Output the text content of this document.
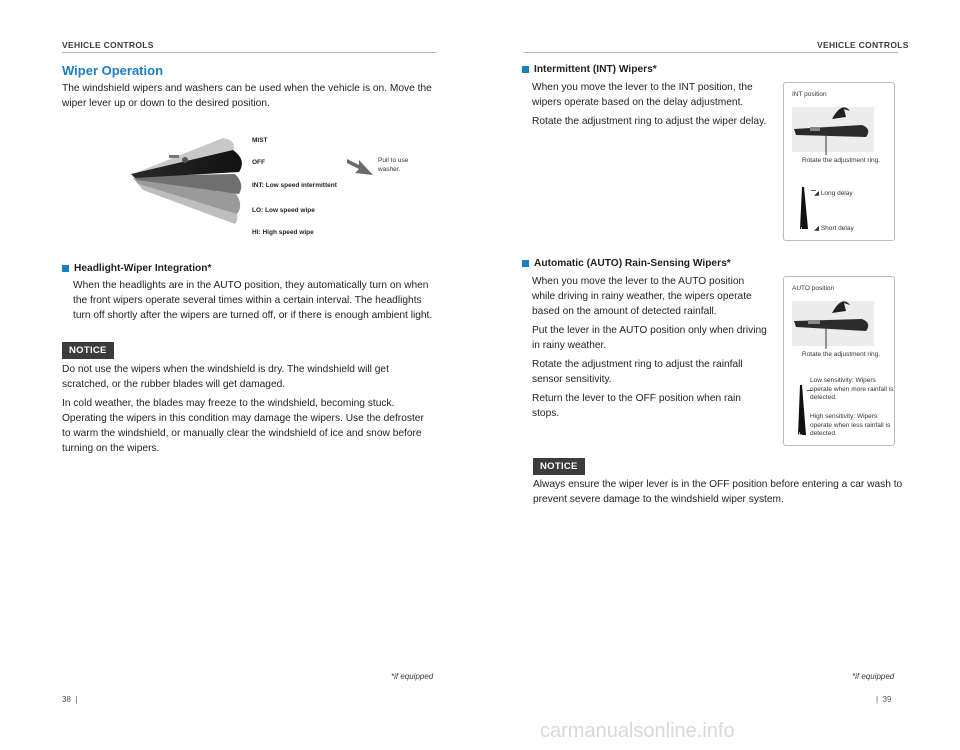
VEHICLE CONTROLS
Wiper Operation

The windshield wipers and washers can be used when the vehicle is on. Move the wiper lever up or down to the desired position.

MIST
OFF
INT: Low speed intermittent
LO: Low speed wipe
HI: High speed wipe
Pull to use washer.
Headlight-Wiper Integration*

When the headlights are in the AUTO position, they automatically turn on when the front wipers operate several times within a certain interval. The headlights turn off shortly after the wipers are turned off, or if there is enough ambient light.

NOTICE

Do not use the wipers when the windshield is dry. The windshield will get scratched, or the rubber blades will get damaged.

In cold weather, the blades may freeze to the windshield, becoming stuck. Operating the wipers in this condition may damage the wipers. Use the defroster to warm the windshield, or manually clear the windshield of ice and snow before turning on the wipers.

*if equipped
38  |
VEHICLE CONTROLS
Intermittent (INT) Wipers*

When you move the lever to the INT position, the wipers operate based on the delay adjustment.

Rotate the adjustment ring to adjust the wiper delay.

INT position
Rotate the adjustment ring.
−
+
◢ Long delay
◢ Short delay
Automatic (AUTO) Rain-Sensing Wipers*

When you move the lever to the AUTO position while driving in rainy weather, the wipers operate based on the amount of detected rainfall.

Put the lever in the AUTO position only when driving in rainy weather.

Rotate the adjustment ring to adjust the rainfall sensor sensitivity.

Return the lever to the OFF position when rain stops.

AUTO position
Rotate the adjustment ring.
−
+
Low sensitivity: Wipers operate when more rainfall is detected.
High sensitivity: Wipers operate when less rainfall is detected.
NOTICE

Always ensure the wiper lever is in the OFF position before entering a car wash to prevent severe damage to the windshield wiper system.

*if equipped
|  39
carmanualsonline.info
